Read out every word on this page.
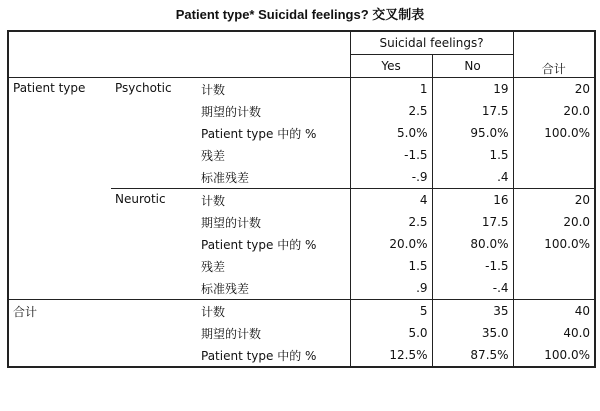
Patient type* Suicidal feelings? 交叉制表
			Suicidal feelings?		合计
			Yes	No	
Patient type	Psychotic	计数	1	19	20
		期望的计数	2.5	17.5	20.0
		Patient type 中的 %	5.0%	95.0%	100.0%
		残差	-1.5	1.5	
		标准残差	-.9	.4	
	Neurotic	计数	4	16	20
		期望的计数	2.5	17.5	20.0
		Patient type 中的 %	20.0%	80.0%	100.0%
		残差	1.5	-1.5	
		标准残差	.9	-.4	
合计		计数	5	35	40
		期望的计数	5.0	35.0	40.0
		Patient type 中的 %	12.5%	87.5%	100.0%
